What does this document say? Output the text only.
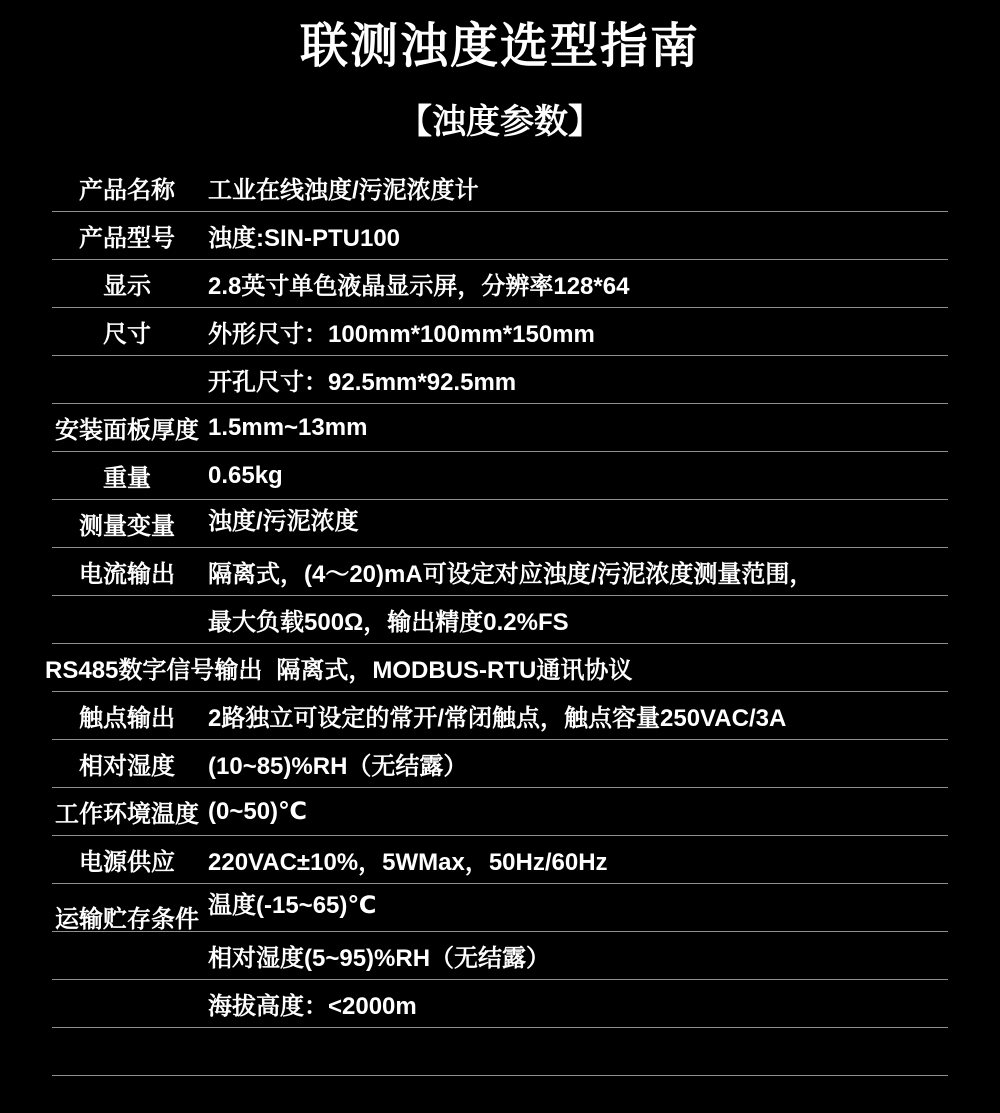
联测浊度选型指南
【浊度参数】
产品名称	工业在线浊度/污泥浓度计
产品型号	浊度:SIN-PTU100
显示	2.8英寸单色液晶显示屏，分辨率128*64
尺寸	外形尺寸：100mm*100mm*150mm
开孔尺寸：92.5mm*92.5mm
安装面板厚度 1.5mm~13mm
重量	0.65kg
测量变量	浊度/污泥浓度
电流输出	隔离式，(4～20)mA可设定对应浊度/污泥浓度测量范围，
最大负载500Ω，输出精度0.2%FS
RS485数字信号输出 隔离式，MODBUS-RTU通讯协议
触点输出	2路独立可设定的常开/常闭触点，触点容量250VAC/3A
相对湿度	(10~85)%RH（无结露）
工作环境温度 (0~50)℃
电源供应	220VAC±10%，5WMax，50Hz/60Hz
运输贮存条件
温度(-15~65)℃
相对湿度(5~95)%RH（无结露）
海拔高度：<2000m
